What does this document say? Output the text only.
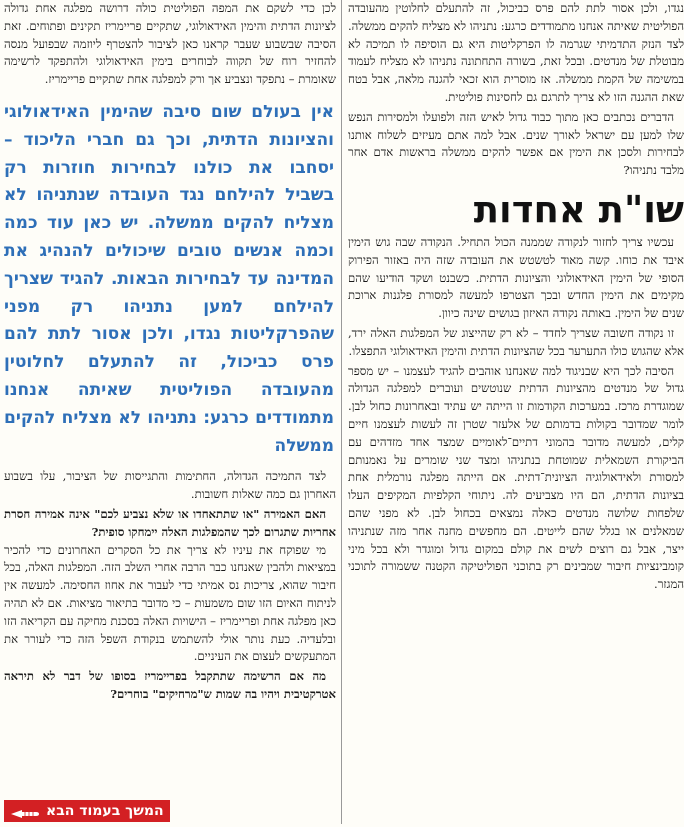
נגדו, ולכן אסור לתת להם פרס כביכול, זה להתעלם לחלוטין מהעובדה הפוליטית שאיתה אנחנו מתמודדים כרגע: נתניהו לא מצליח להקים ממשלה. לצד הנזק התדמיתי שגרמה לו הפרקליטות היא גם הוסיפה לו תמיכה לא מבוטלת של מנדטים. ובכל זאת, בשורה התחתונה נתניהו לא מצליח לעמוד במשימה של הקמת ממשלה. אז מוסרית הוא זכאי להגנה מלאה, אבל בטח שאת ההגנה הזו לא צריך לתרגם גם לחסינות פוליטית.

הדברים נכתבים כאן מתוך כבוד גדול לאיש הזה ולפועלו ולמסירות הנפש שלו למען עם ישראל לאורך שנים. אבל למה אתם מעיזים לשלוח אותנו לבחירות ולסכן את הימין אם אפשר להקים ממשלה בראשות אדם אחר מלבד נתניהו?

שו"ת אחדות

עכשיו צריך לחזור לנקודה שממנה הכול התחיל. הנקודה שבה גוש הימין איבד את כוחו. קשה מאוד לטשטש את העובדה שזה היה באזור הפירוק הסופי של הימין האידאולוגי והציונות הדתית. כשבנט ושקד הודיעו שהם מקימים את הימין החדש ובכך הצטרפו למעשה למסורת פלגנות ארוכת שנים של הימין. באותה נקודה האיזון בגושים שינה כיוון.

זו נקודה חשובה שצריך לחדד – לא רק שהייצוג של המפלגות האלה ירד, אלא שהגוש כולו התערער בכל שהציונות הדתית והימין האידאולוגי התפצלו.

הסיבה לכך היא שבניגוד למה שאנחנו אוהבים להגיד לעצמנו – יש מספר גדול של מנדטים מהציונות הדתית שנוטשים ועוברים למפלגה הגדולה שמוגדרת מרכז. במערכות הקודמות זו הייתה יש עתיד ובאחרונות כחול לבן. לומר שמדובר בקולות בדמותם של אלעזר שטרן זה לעשות לעצמנו חיים קלים, למעשה מדובר בהמוני דתיים־לאומיים שמצד אחד מזדהים עם הביקורת השמאלית שמוטחת בנתניהו ומצד שני שומרים על נאמנותם למסורת ולאידאולוגיה הציונית־דתית. אם הייתה מפלגה נורמלית אחת בציונות הדתית, הם היו מצביעים לה. ניתוחי הקלפיות המקיפים העלו שלפחות שלושה מנדטים כאלה נמצאים בכחול לבן. לא מפני שהם שמאלנים או בגלל שהם לייטים. הם מחפשים מחנה אחר מזה שנתניהו ייצר, אבל גם רוצים לשים את קולם במקום גדול ומוגדר ולא בכל מיני קומבינציות חיבור שמבינים רק בתוכני הפוליטיקה הקטנה ששמורה לתוכני המגזר.

לכן כדי לשקם את המפה הפוליטית כולה דרושה מפלגה אחת גדולה לציונות הדתית והימין האידאולוגי, שתקיים פריימריז תקינים ופתוחים. זאת הסיבה שבשבוע שעבר קראנו כאן לציבור להצטרף ליוזמה שבפועל מנסה להחזיר רוח של תקווה לבוחרים בימין האידאולוגי ולהתפקד לרשימה שאומרת – נתפקד ונצביע אך ורק למפלגה אחת שתקיים פריימריז.

אין בעולם שום סיבה שהימין האידאולוגי והציונות הדתית, וכך גם חברי הליכוד – יסחבו את כולנו לבחירות חוזרות רק בשביל להילחם נגד העובדה שנתניהו לא מצליח להקים ממשלה. יש כאן עוד כמה וכמה אנשים טובים שיכולים להנהיג את המדינה עד לבחירות הבאות. להגיד שצריך להילחם למען נתניהו רק מפני שהפרקליטות נגדו, ולכן אסור לתת להם פרס כביכול, זה להתעלם לחלוטין מהעובדה הפוליטית שאיתה אנחנו מתמודדים כרגע: נתניהו לא מצליח להקים ממשלה

לצד התמיכה הגדולה, החתימות והתגייסות של הציבור, עלו בשבוע האחרון גם כמה שאלות חשובות.

האם האמירה "או שתתאחדו או שלא נצביע לכם" אינה אמירה חסרת אחריות שתגרום לכך שהמפלגות האלה יימחקו סופית?

מי שפוקח את עיניו לא צריך את כל הסקרים האחרונים כדי להכיר במציאות ולהבין שאנחנו כבר הרבה אחרי השלב הזה. המפלגות האלה, בכל חיבור שהוא, צריכות נס אמיתי כדי לעבור את אחוז החסימה. למעשה אין לניתוח האיום הזו שום משמעות – כי מדובר בתיאור מציאות. אם לא תהיה כאן מפלגה אחת ופריימריז – הישויות האלה בסכנת מחיקה עם הקריאה הזו ובלעדיה. כעת נותר אולי להשתמש בנקודת השפל הזה כדי לעורר את המתעקשים לעצום את העיניים.

מה אם הרשימה שתתקבל בפריימריז בסופו של דבר לא תיראה אטרקטיבית ויהיו בה שמות ש"מרחיקים" בוחרים?

המשך בעמוד הבא
